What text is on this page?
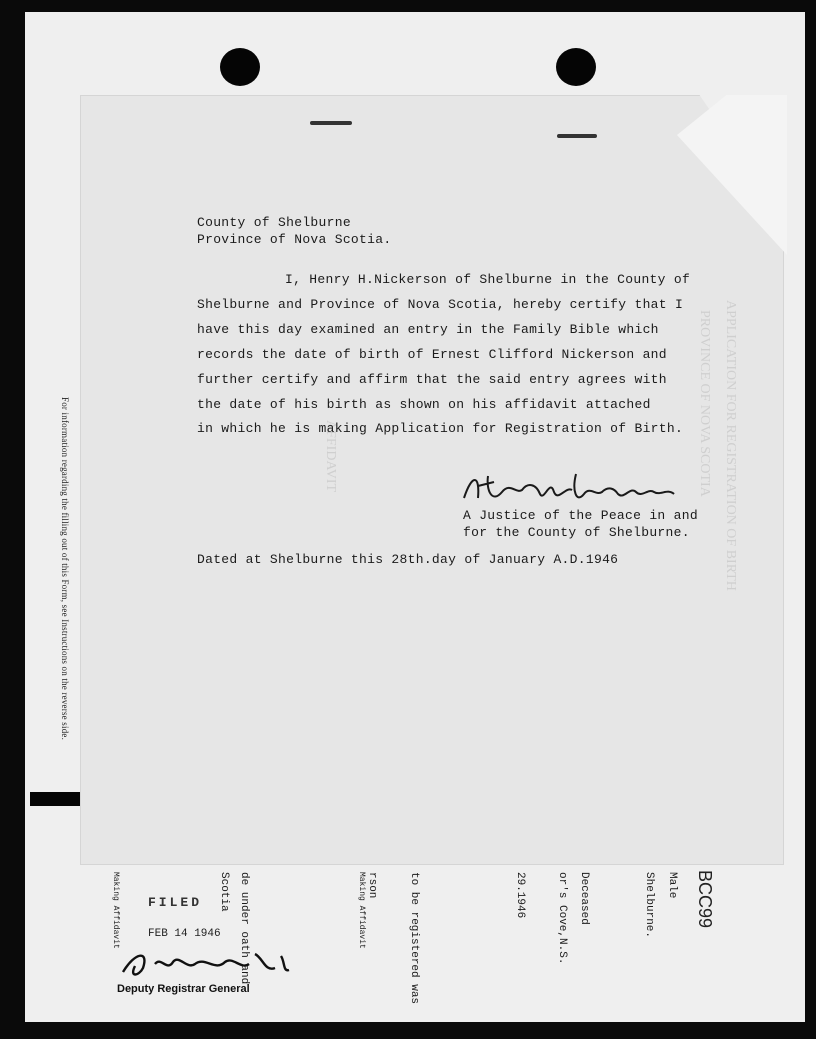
For information regarding the filling out of this Form, see Instructions on the reverse side.
Male
Shelburne.
Deceased
or's Cove,N.S.
29.1946
to be registered was
Making Affidavit rson
de under oath and
Scotia
Making Affidavit
APPLICATION FOR REGISTRATION OF BIRTH
PROVINCE OF NOVA SCOTIA
AFFIDAVIT
County of Shelburne
Province of Nova Scotia.
I, Henry H.Nickerson of Shelburne in the County of
Shelburne and Province of Nova Scotia, hereby certify that I
have this day examined an entry in the Family Bible which
records the date of birth of Ernest Clifford Nickerson and
further certify and affirm that the said entry agrees with
the date of his birth as shown on his affidavit attached
in which he is making Application for Registration of Birth.
A Justice of the Peace in and
for the County of Shelburne.
Dated at Shelburne this 28th.day of January A.D.1946
FILED
FEB 14 1946
Deputy Registrar General
BCC99
